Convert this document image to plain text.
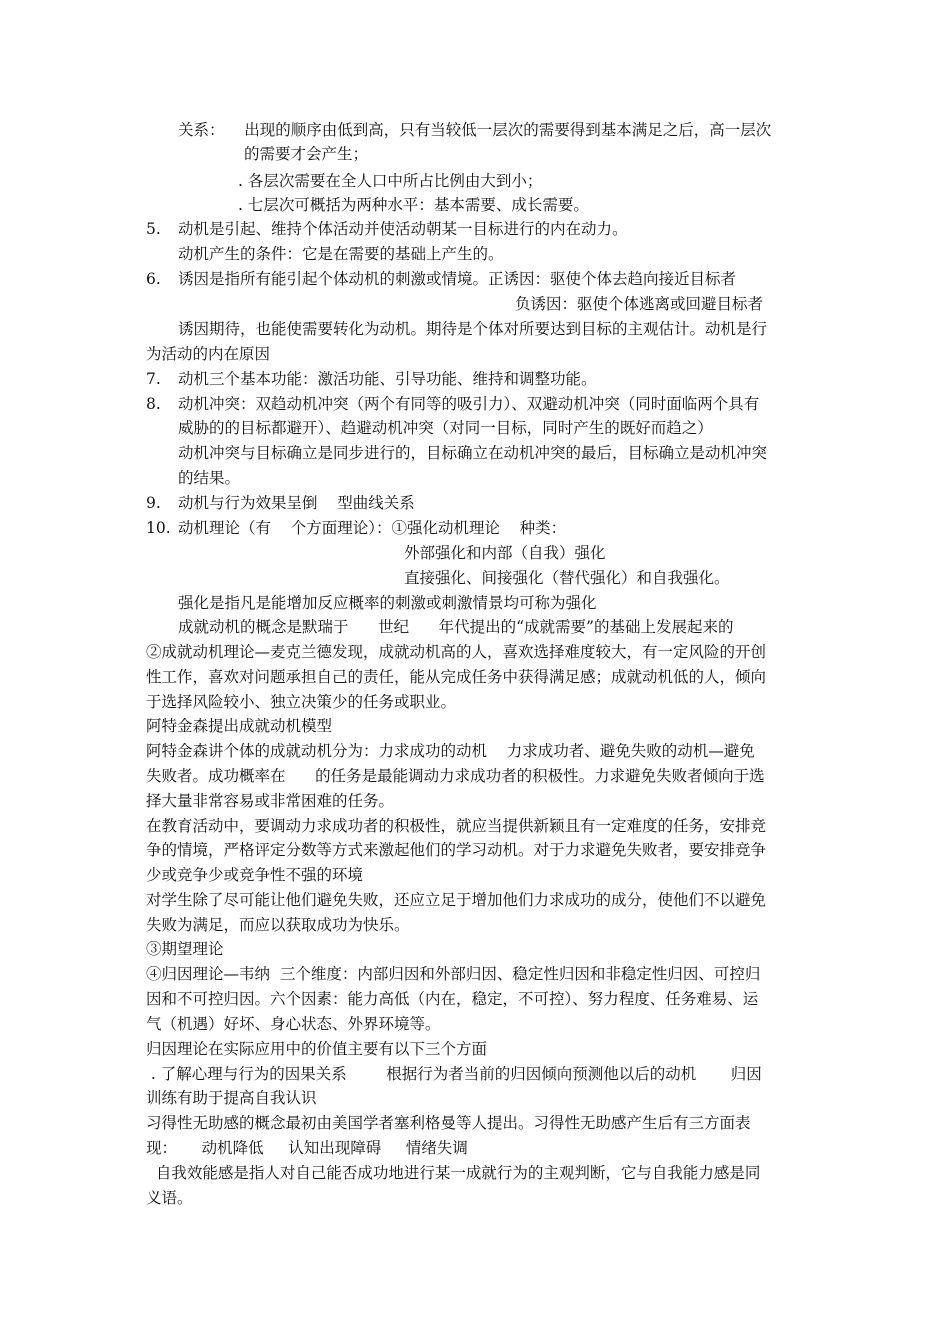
关系：    出现的顺序由低到高，只有当较低一层次的需要得到基本满足之后，高一层次
的需要才会产生；
. 各层次需要在全人口中所占比例由大到小；
. 七层次可概括为两种水平：基本需要、成长需要。
5. 动机是引起、维持个体活动并使活动朝某一目标进行的内在动力。
动机产生的条件：它是在需要的基础上产生的。
6. 诱因是指所有能引起个体动机的刺激或情境。正诱因：驱使个体去趋向接近目标者
负诱因：驱使个体逃离或回避目标者
诱因期待，也能使需要转化为动机。期待是个体对所要达到目标的主观估计。动机是行
为活动的内在原因
7. 动机三个基本功能：激活功能、引导功能、维持和调整功能。
8. 动机冲突：双趋动机冲突（两个有同等的吸引力）、双避动机冲突（同时面临两个具有
威胁的的目标都避开）、趋避动机冲突（对同一目标，同时产生的既好而趋之）
动机冲突与目标确立是同步进行的，目标确立在动机冲突的最后，目标确立是动机冲突
的结果。
9. 动机与行为效果呈倒    型曲线关系
10. 动机理论（有    个方面理论）：①强化动机理论    种类：
外部强化和内部（自我）强化
直接强化、间接强化（替代强化）和自我强化。
强化是指凡是能增加反应概率的刺激或刺激情景均可称为强化
成就动机的概念是默瑞于      世纪      年代提出的“成就需要”的基础上发展起来的
②成就动机理论—麦克兰德发现，成就动机高的人，喜欢选择难度较大，有一定风险的开创
性工作，喜欢对问题承担自己的责任，能从完成任务中获得满足感；成就动机低的人，倾向
于选择风险较小、独立决策少的任务或职业。
阿特金森提出成就动机模型
阿特金森讲个体的成就动机分为：力求成功的动机    力求成功者、避免失败的动机—避免
失败者。成功概率在      的任务是最能调动力求成功者的积极性。力求避免失败者倾向于选
择大量非常容易或非常困难的任务。
在教育活动中，要调动力求成功者的积极性，就应当提供新颖且有一定难度的任务，安排竞
争的情境，严格评定分数等方式来激起他们的学习动机。对于力求避免失败者，要安排竞争
少或竞争少或竞争性不强的环境
对学生除了尽可能让他们避免失败，还应立足于增加他们力求成功的成分，使他们不以避免
失败为满足，而应以获取成功为快乐。
③期望理论
④归因理论—韦纳  三个维度：内部归因和外部归因、稳定性归因和非稳定性归因、可控归
因和不可控归因。六个因素：能力高低（内在，稳定，不可控）、努力程度、任务难易、运
气（机遇）好坏、身心状态、外界环境等。
归因理论在实际应用中的价值主要有以下三个方面
. 了解心理与行为的因果关系        根据行为者当前的归因倾向预测他以后的动机       归因
训练有助于提高自我认识
习得性无助感的概念最初由美国学者塞利格曼等人提出。习得性无助感产生后有三方面表
现：     动机降低     认知出现障碍     情绪失调
自我效能感是指人对自己能否成功地进行某一成就行为的主观判断，它与自我能力感是同
义语。
